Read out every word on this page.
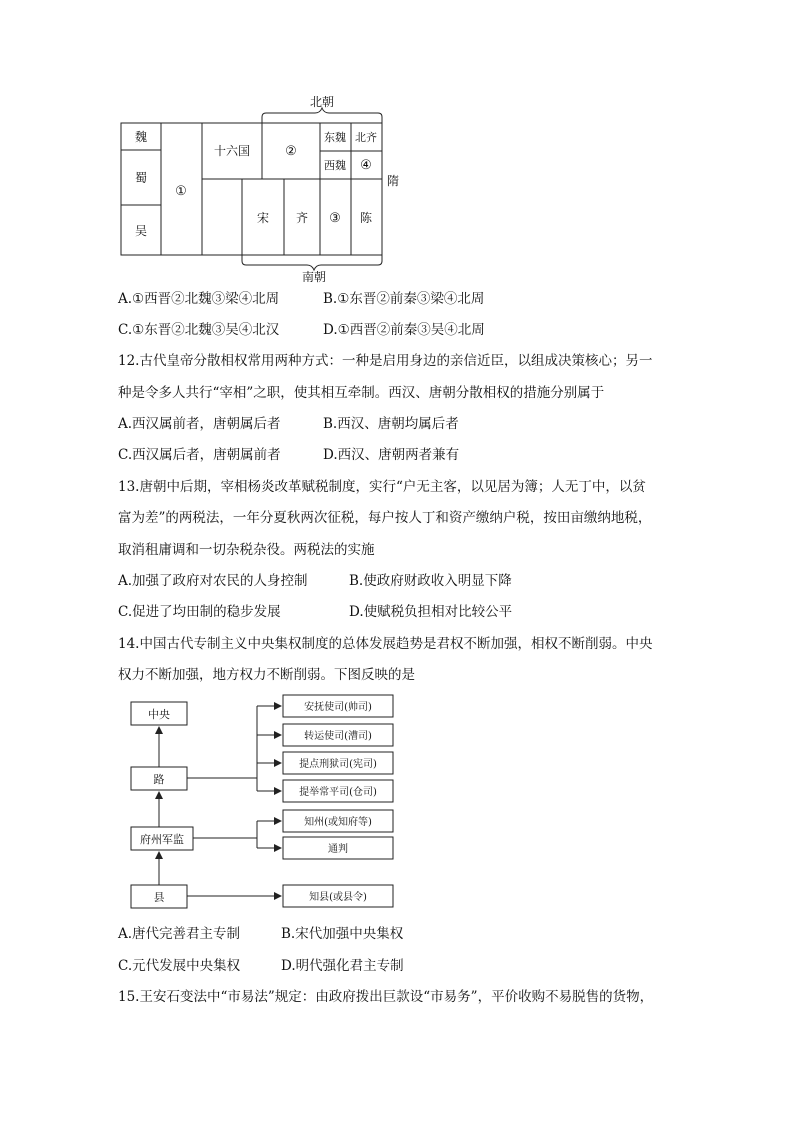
北朝
南朝
魏
蜀
吴
①
十六国	②
东魏 北齐
西魏 ④
隋
宋 齐 ③ 陈
A.①西晋②北魏③梁④北周	B.①东晋②前秦③梁④北周
C.①东晋②北魏③吴④北汉	D.①西晋②前秦③吴④北周
12.古代皇帝分散相权常用两种方式：一种是启用身边的亲信近臣，以组成决策核心；另一
种是令多人共行“宰相”之职，使其相互牵制。西汉、唐朝分散相权的措施分别属于
A.西汉属前者，唐朝属后者	B.西汉、唐朝均属后者
C.西汉属后者，唐朝属前者	D.西汉、唐朝两者兼有
13.唐朝中后期，宰相杨炎改革赋税制度，实行“户无主客，以见居为簿；人无丁中，以贫
富为差”的两税法，一年分夏秋两次征税，每户按人丁和资产缴纳户税，按田亩缴纳地税，
取消租庸调和一切杂税杂役。两税法的实施
A.加强了政府对农民的人身控制	B.使政府财政收入明显下降
C.促进了均田制的稳步发展	D.使赋税负担相对比较公平
14.中国古代专制主义中央集权制度的总体发展趋势是君权不断加强，相权不断削弱。中央
权力不断加强，地方权力不断削弱。下图反映的是
中央
路
府州军监
县
安抚使司(帅司)
转运使司(漕司)
提点刑狱司(宪司)
提举常平司(仓司)
知州(或知府等)
通判
知县(或县令)
A.唐代完善君主专制	B.宋代加强中央集权
C.元代发展中央集权	D.明代强化君主专制
15.王安石变法中“市易法”规定：由政府拨出巨款设“市易务”，平价收购不易脱售的货物，
